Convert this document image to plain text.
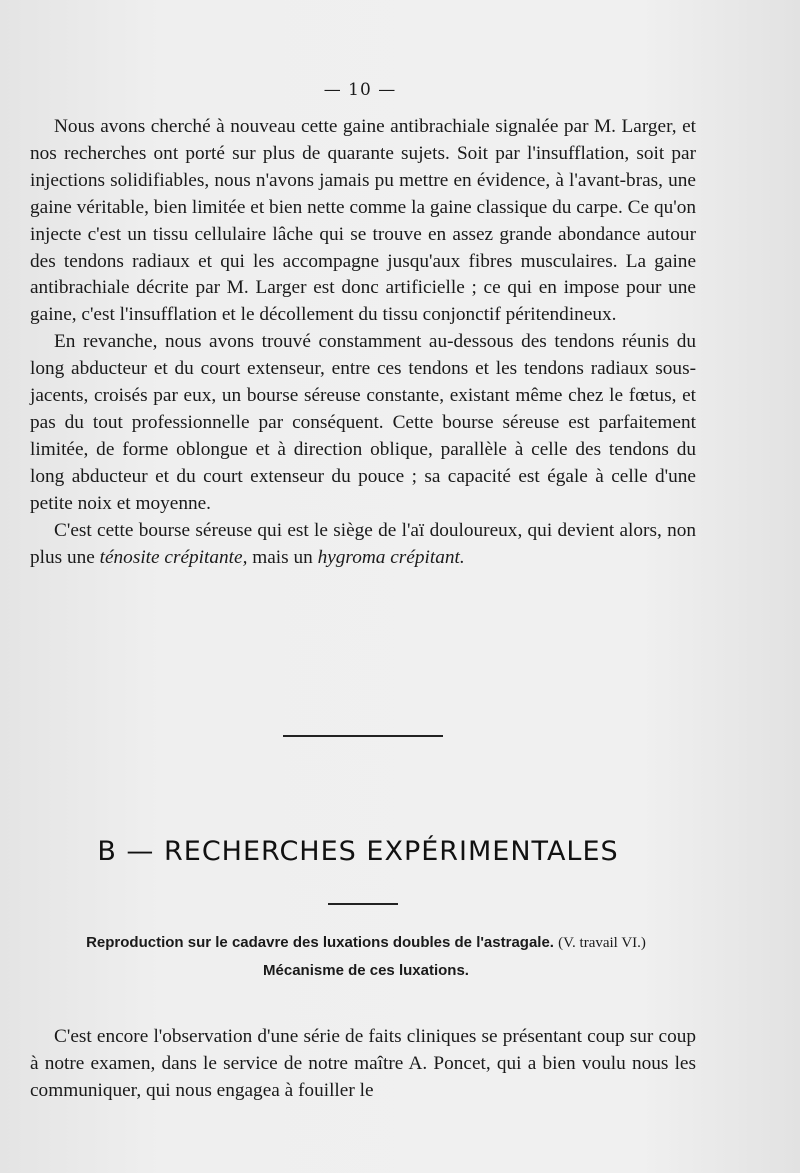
— 10 —

Nous avons cherché à nouveau cette gaine antibrachiale signalée par M. Larger, et nos recherches ont porté sur plus de quarante sujets. Soit par l'insufflation, soit par injections solidifiables, nous n'avons jamais pu mettre en évidence, à l'avant-bras, une gaine véritable, bien limitée et bien nette comme la gaine classique du carpe. Ce qu'on injecte c'est un tissu cellulaire lâche qui se trouve en assez grande abondance autour des tendons radiaux et qui les accompagne jusqu'aux fibres musculaires. La gaine antibrachiale décrite par M. Larger est donc artificielle ; ce qui en impose pour une gaine, c'est l'insufflation et le décollement du tissu conjonctif péritendineux.

En revanche, nous avons trouvé constamment au-dessous des tendons réunis du long abducteur et du court extenseur, entre ces tendons et les tendons radiaux sous-jacents, croisés par eux, un bourse séreuse constante, existant même chez le fœtus, et pas du tout professionnelle par conséquent. Cette bourse séreuse est parfaitement limitée, de forme oblongue et à direction oblique, parallèle à celle des tendons du long abducteur et du court extenseur du pouce ; sa capacité est égale à celle d'une petite noix et moyenne.

C'est cette bourse séreuse qui est le siège de l'aï douloureux, qui devient alors, non plus une ténosite crépitante, mais un hygroma crépitant.

B — RECHERCHES EXPÉRIMENTALES
Reproduction sur le cadavre des luxations doubles de l'astragale. (V. travail VI.)
Mécanisme de ces luxations.

C'est encore l'observation d'une série de faits cliniques se présentant coup sur coup à notre examen, dans le service de notre maître A. Poncet, qui a bien voulu nous les communiquer, qui nous engagea à fouiller le
